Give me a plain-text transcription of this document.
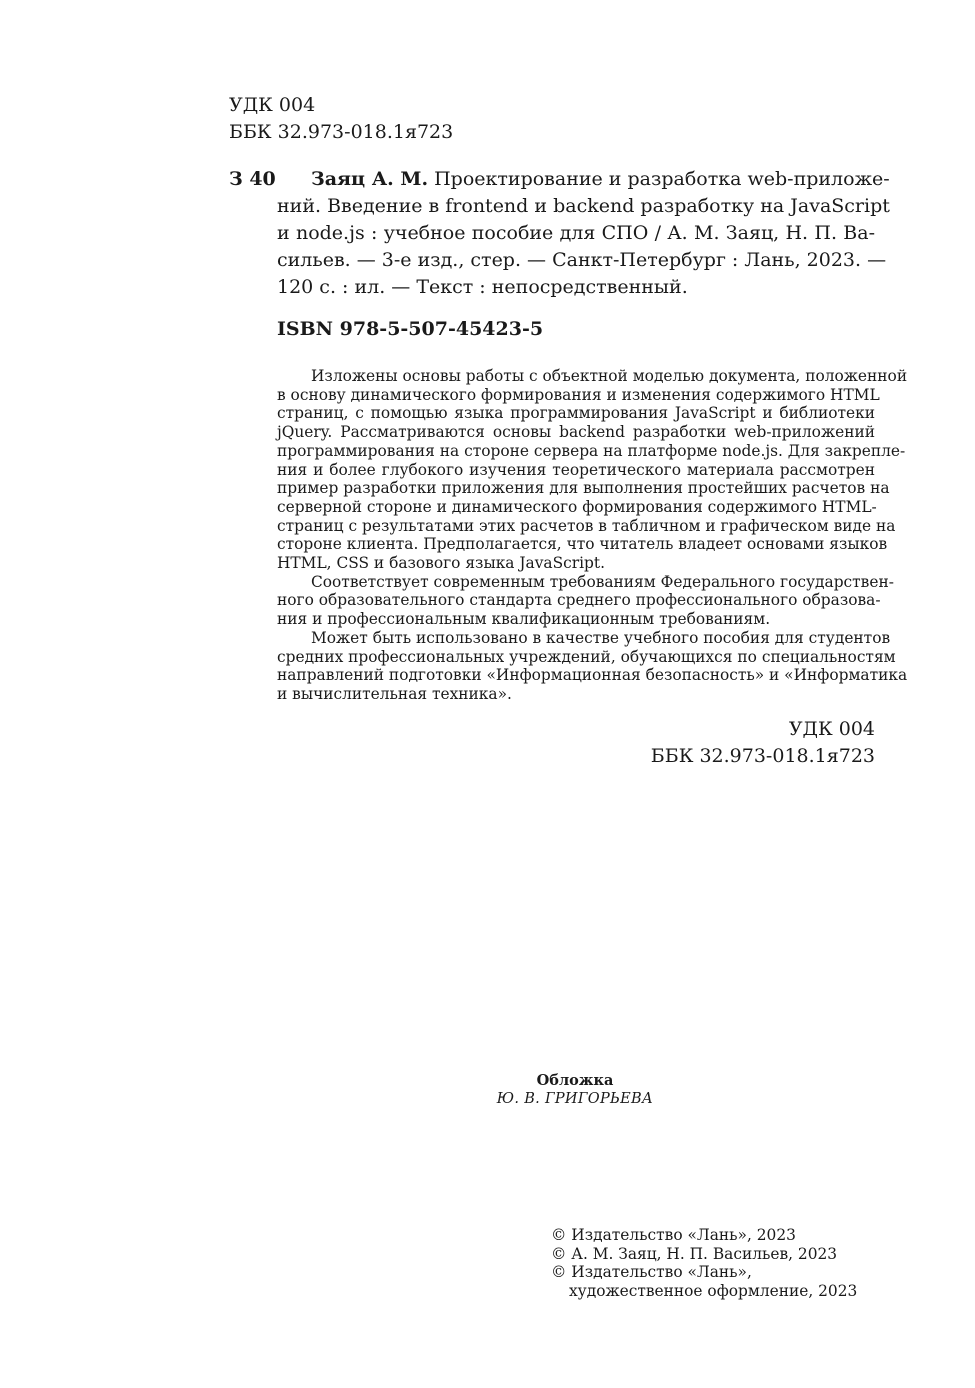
УДК 004
ББК 32.973-018.1я723
З 40	Заяц А. М. Проектирование и разработка web-приложе-
ний. Введение в frontend и backend разработку на JavaScript
и node.js : учебное пособие для СПО / А. М. Заяц, Н. П. Ва-
сильев. — 3-е изд., стер. — Санкт-Петербург : Лань, 2023. —
120 с. : ил. — Текст : непосредственный.
ISBN 978-5-507-45423-5
Изложены основы работы с объектной моделью документа, положенной
в основу динамического формирования и изменения содержимого HTML
страниц, с помощью языка программирования JavaScript и библиотеки
jQuery. Рассматриваются основы backend разработки web-приложений
программирования на стороне сервера на платформе node.js. Для закрепле-
ния и более глубокого изучения теоретического материала рассмотрен
пример разработки приложения для выполнения простейших расчетов на
серверной стороне и динамического формирования содержимого HTML-
страниц с результатами этих расчетов в табличном и графическом виде на
стороне клиента. Предполагается, что читатель владеет основами языков
HTML, CSS и базового языка JavaScript.
Соответствует современным требованиям Федерального государствен-
ного образовательного стандарта среднего профессионального образова-
ния и профессиональным квалификационным требованиям.
Может быть использовано в качестве учебного пособия для студентов
средних профессиональных учреждений, обучающихся по специальностям
направлений подготовки «Информационная безопасность» и «Информатика
и вычислительная техника».
УДК 004
ББК 32.973-018.1я723
Обложка
Ю. В. ГРИГОРЬЕВА
© Издательство «Лань», 2023
© А. М. Заяц, Н. П. Васильев, 2023
© Издательство «Лань»,
художественное оформление, 2023
